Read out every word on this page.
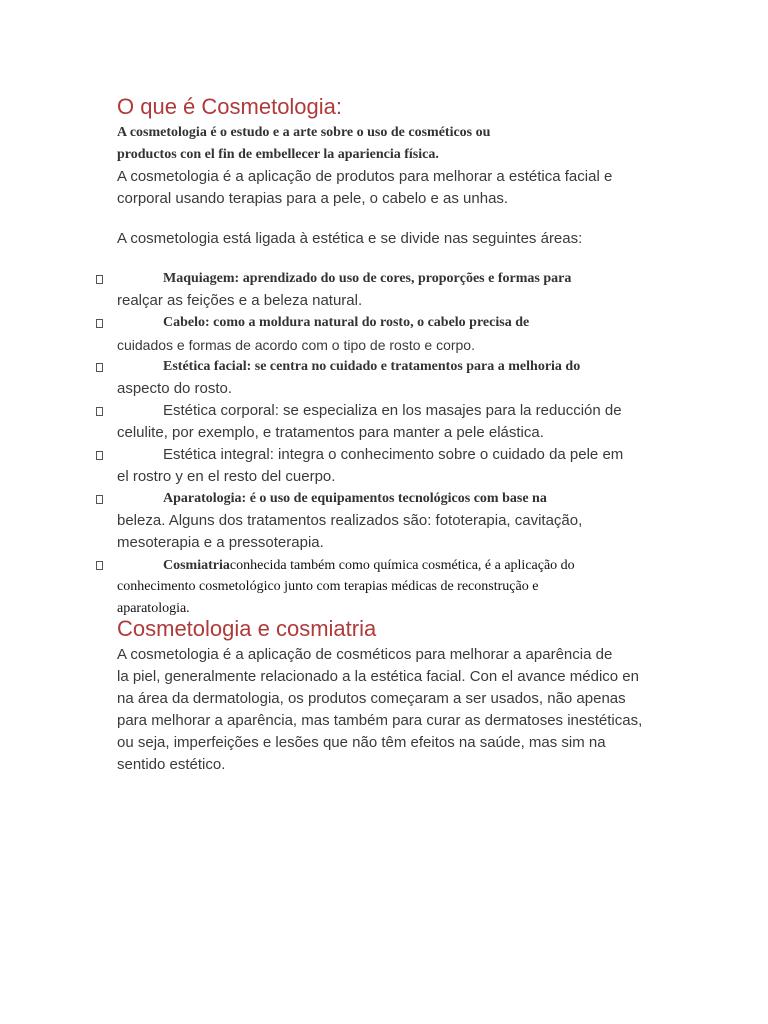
O que é Cosmetologia:
A cosmetologia é o estudo e a arte sobre o uso de cosméticos ou
productos con el fin de embellecer la apariencia física.
A cosmetologia é a aplicação de produtos para melhorar a estética facial e
corporal usando terapias para a pele, o cabelo e as unhas.
A cosmetologia está ligada à estética e se divide nas seguintes áreas:
Maquiagem: aprendizado do uso de cores, proporções e formas para
realçar as feições e a beleza natural.
Cabelo: como a moldura natural do rosto, o cabelo precisa de
cuidados e formas de acordo com o tipo de rosto e corpo.
Estética facial: se centra no cuidado e tratamentos para a melhoria do
aspecto do rosto.
Estética corporal: se especializa en los masajes para la reducción de
celulite, por exemplo, e tratamentos para manter a pele elástica.
Estética integral: integra o conhecimento sobre o cuidado da pele em
el rostro y en el resto del cuerpo.
Aparatologia: é o uso de equipamentos tecnológicos com base na
beleza. Alguns dos tratamentos realizados são: fototerapia, cavitação,
mesoterapia e a pressoterapia.
Cosmiatriaconhecida também como química cosmética, é a aplicação do
conhecimento cosmetológico junto com terapias médicas de reconstrução e
aparatologia.
Cosmetologia e cosmiatria
A cosmetologia é a aplicação de cosméticos para melhorar a aparência de
la piel, generalmente relacionado a la estética facial. Con el avance médico en
na área da dermatologia, os produtos começaram a ser usados, não apenas
para melhorar a aparência, mas também para curar as dermatoses inestéticas,
ou seja, imperfeições e lesões que não têm efeitos na saúde, mas sim na
sentido estético.
